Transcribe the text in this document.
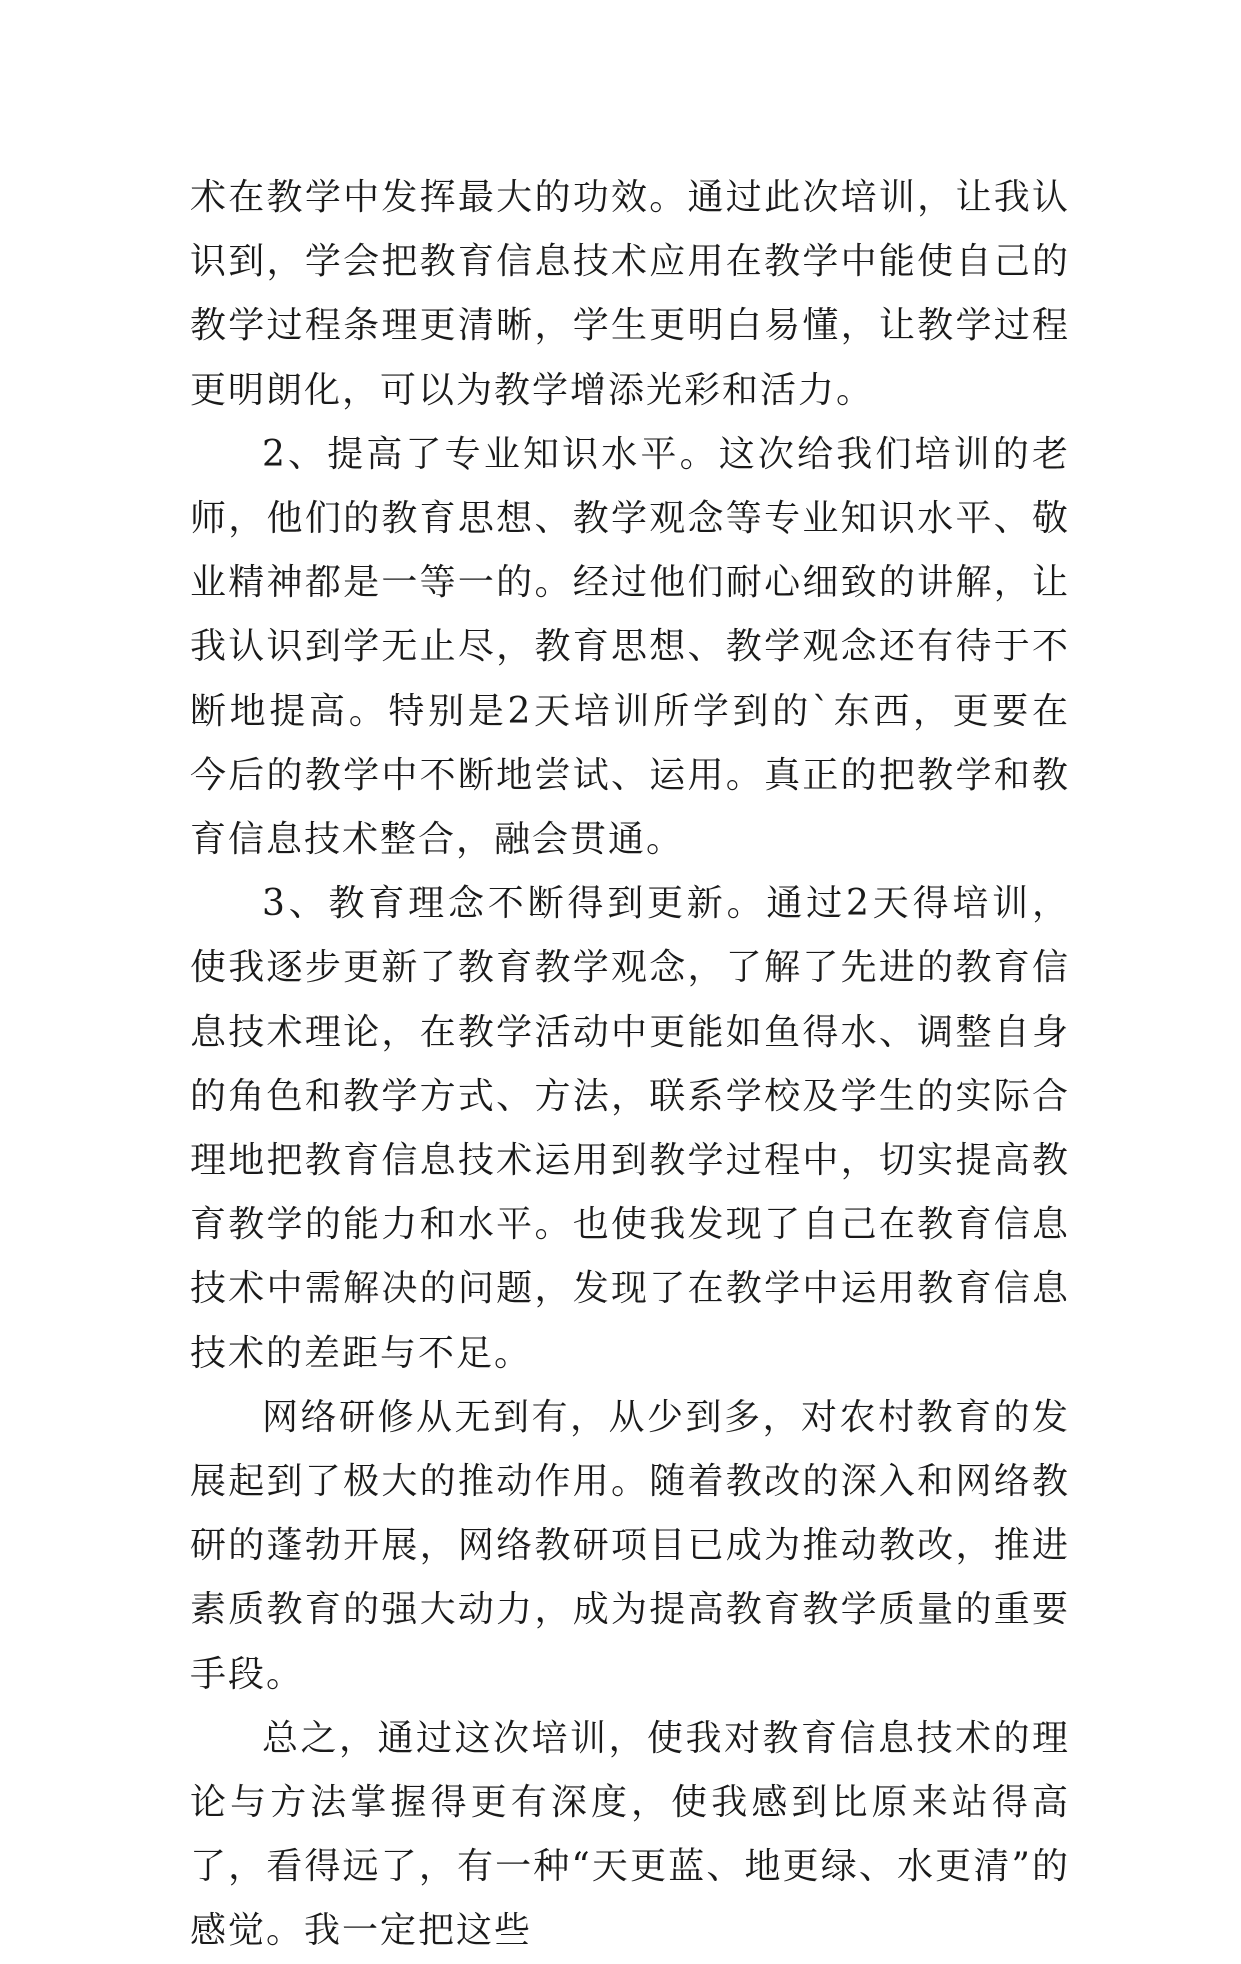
术在教学中发挥最大的功效。通过此次培训，让我认识到，学会把教育信息技术应用在教学中能使自己的教学过程条理更清晰，学生更明白易懂，让教学过程更明朗化，可以为教学增添光彩和活力。

2、提高了专业知识水平。这次给我们培训的老师，他们的教育思想、教学观念等专业知识水平、敬业精神都是一等一的。经过他们耐心细致的讲解，让我认识到学无止尽，教育思想、教学观念还有待于不断地提高。特别是2天培训所学到的`东西，更要在今后的教学中不断地尝试、运用。真正的把教学和教育信息技术整合，融会贯通。

3、教育理念不断得到更新。通过2天得培训，使我逐步更新了教育教学观念，了解了先进的教育信息技术理论，在教学活动中更能如鱼得水、调整自身的角色和教学方式、方法，联系学校及学生的实际合理地把教育信息技术运用到教学过程中，切实提高教育教学的能力和水平。也使我发现了自己在教育信息技术中需解决的问题，发现了在教学中运用教育信息技术的差距与不足。

网络研修从无到有，从少到多，对农村教育的发展起到了极大的推动作用。随着教改的深入和网络教研的蓬勃开展，网络教研项目已成为推动教改，推进素质教育的强大动力，成为提高教育教学质量的重要手段。

总之，通过这次培训，使我对教育信息技术的理论与方法掌握得更有深度，使我感到比原来站得高了，看得远了，有一种“天更蓝、地更绿、水更清”的感觉。我一定把这些
